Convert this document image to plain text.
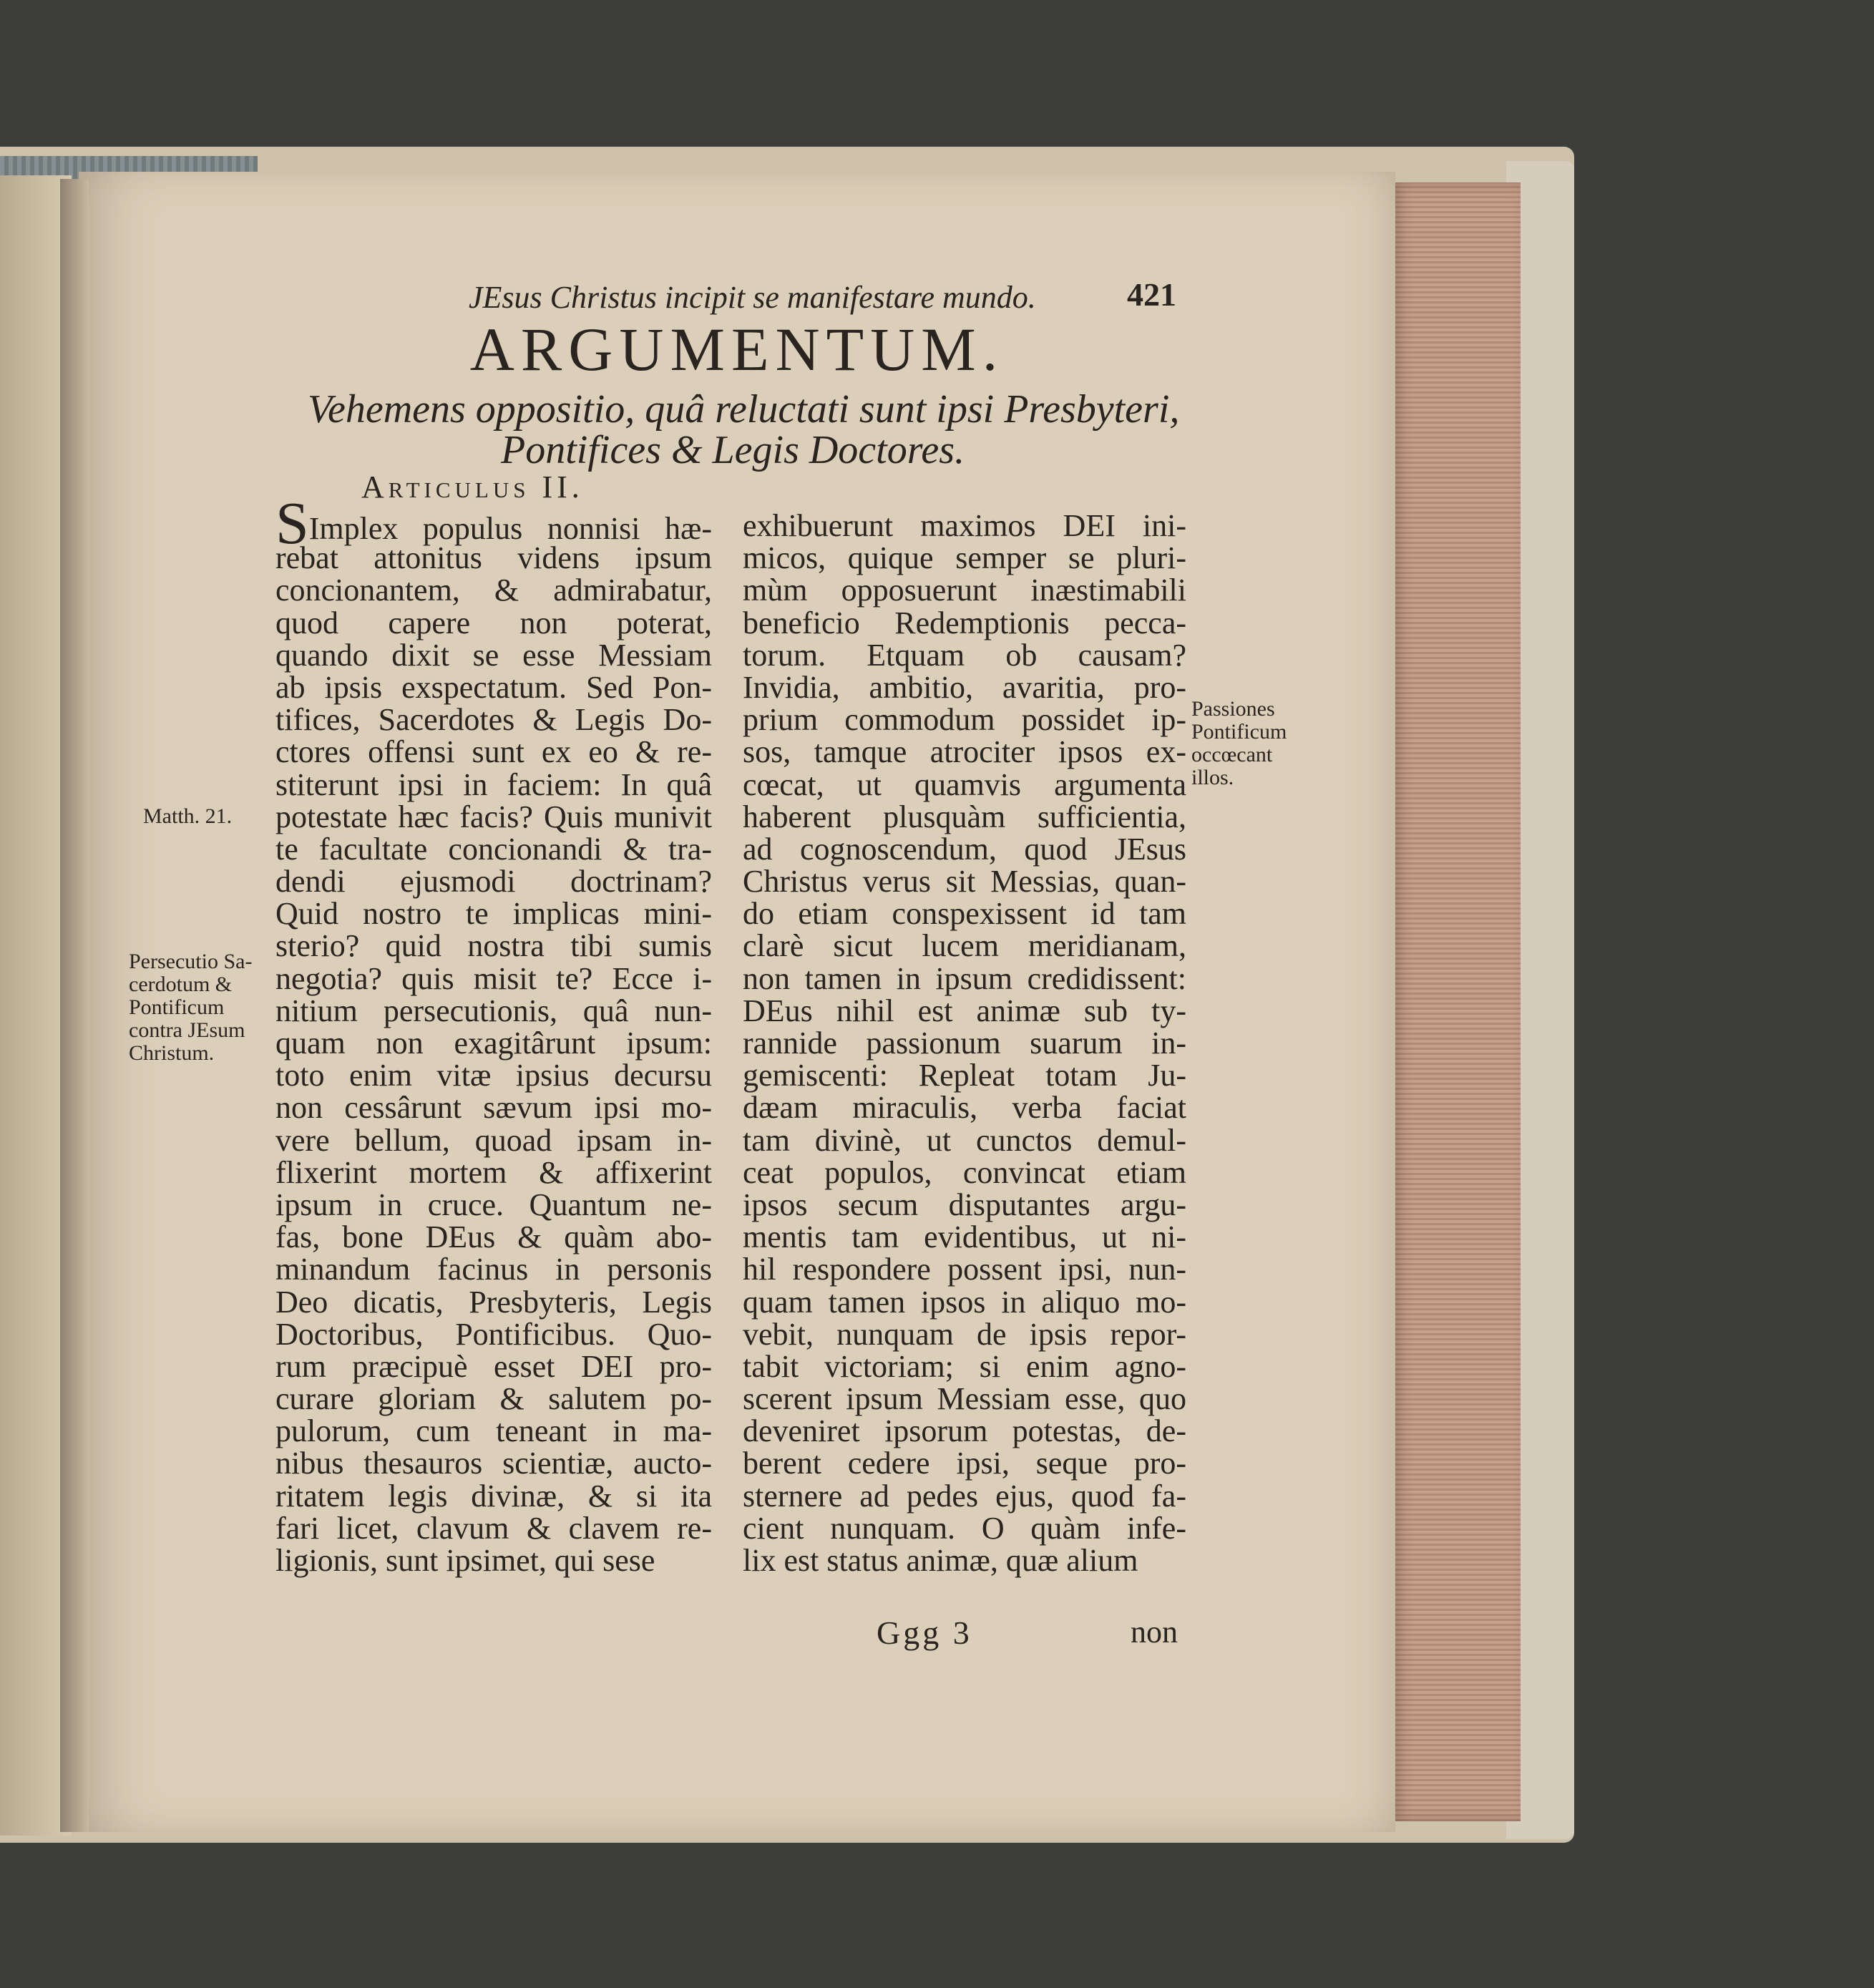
JEsus Christus incipit se manifestare mundo.	421
ARGUMENTUM.
Vehemens oppositio, quâ reluctati sunt ipsi Presbyteri,
Pontifices & Legis Doctores.
Articulus II.
SImplex populus nonnisi hæ-
rebat attonitus videns ipsum
concionantem, & admirabatur,
quod capere non poterat,
quando dixit se esse Messiam
ab ipsis exspectatum. Sed Pon-
tifices, Sacerdotes & Legis Do-
ctores offensi sunt ex eo & re-
stiterunt ipsi in faciem: In quâ
potestate hæc facis? Quis munivit
te facultate concionandi & tra-
dendi ejusmodi doctrinam?
Quid nostro te implicas mini-
sterio? quid nostra tibi sumis
negotia? quis misit te? Ecce i-
nitium persecutionis, quâ nun-
quam non exagitârunt ipsum:
toto enim vitæ ipsius decursu
non cessârunt sævum ipsi mo-
vere bellum, quoad ipsam in-
flixerint mortem & affixerint
ipsum in cruce. Quantum ne-
fas, bone DEus & quàm abo-
minandum facinus in personis
Deo dicatis, Presbyteris, Legis
Doctoribus, Pontificibus. Quo-
rum præcipuè esset DEI pro-
curare gloriam & salutem po-
pulorum, cum teneant in ma-
nibus thesauros scientiæ, aucto-
ritatem legis divinæ, & si ita
fari licet, clavum & clavem re-
ligionis, sunt ipsimet, qui sese
exhibuerunt maximos DEI ini-
micos, quique semper se pluri-
mùm opposuerunt inæstimabili
beneficio Redemptionis pecca-
torum. Etquam ob causam?
Invidia, ambitio, avaritia, pro-
prium commodum possidet ip-
sos, tamque atrociter ipsos ex-
cœcat, ut quamvis argumenta
haberent plusquàm sufficientia,
ad cognoscendum, quod JEsus
Christus verus sit Messias, quan-
do etiam conspexissent id tam
clarè sicut lucem meridianam,
non tamen in ipsum credidissent:
DEus nihil est animæ sub ty-
rannide passionum suarum in-
gemiscenti: Repleat totam Ju-
dæam miraculis, verba faciat
tam divinè, ut cunctos demul-
ceat populos, convincat etiam
ipsos secum disputantes argu-
mentis tam evidentibus, ut ni-
hil respondere possent ipsi, nun-
quam tamen ipsos in aliquo mo-
vebit, nunquam de ipsis repor-
tabit victoriam; si enim agno-
scerent ipsum Messiam esse, quo
deveniret ipsorum potestas, de-
berent cedere ipsi, seque pro-
sternere ad pedes ejus, quod fa-
cient nunquam. O quàm infe-
lix est status animæ, quæ alium
Matth. 21.
Persecutio Sa-
cerdotum &
Pontificum
contra JEsum
Christum.
Passiones
Pontificum
occœcant
illos.
Ggg 3	non
